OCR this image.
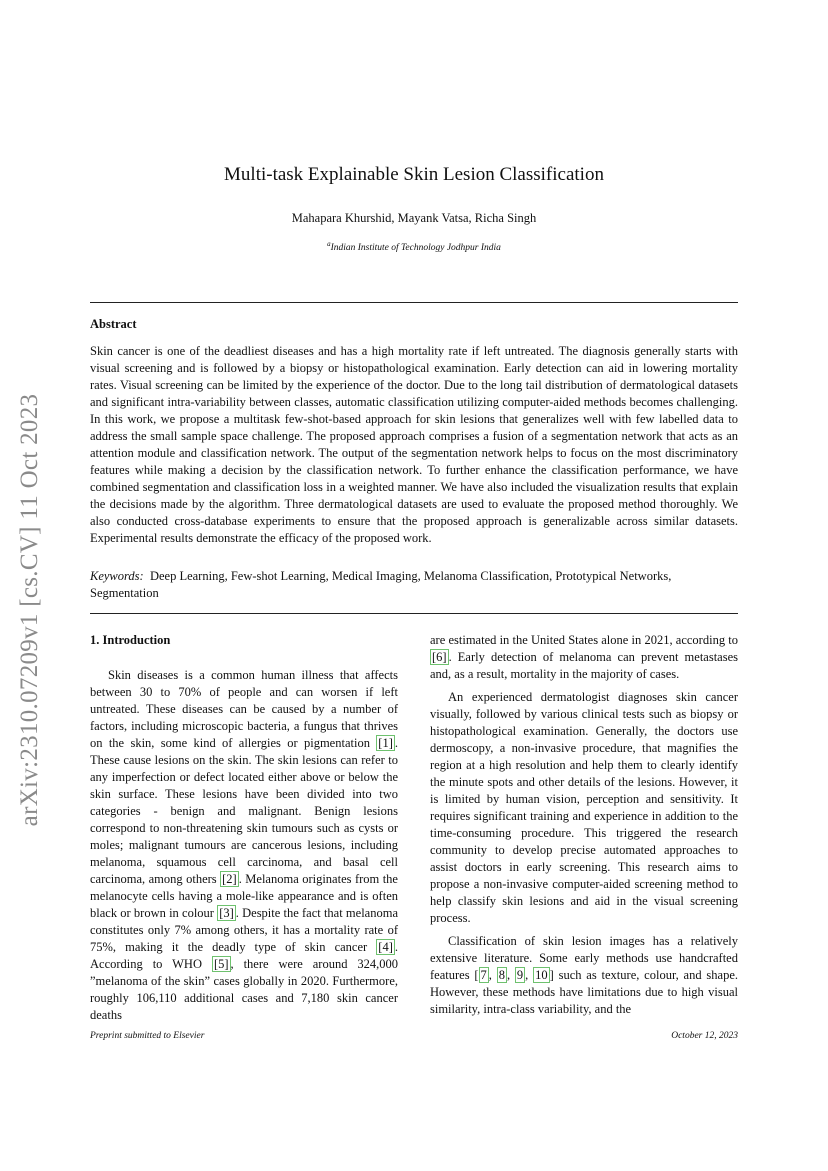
arXiv:2310.07209v1 [cs.CV] 11 Oct 2023
Multi-task Explainable Skin Lesion Classification
Mahapara Khurshid, Mayank Vatsa, Richa Singh
$^a$Indian Institute of Technology Jodhpur India
Abstract
Skin cancer is one of the deadliest diseases and has a high mortality rate if left untreated. The diagnosis generally starts with visual screening and is followed by a biopsy or histopathological examination. Early detection can aid in lowering mortality rates. Visual screening can be limited by the experience of the doctor. Due to the long tail distribution of dermatological datasets and significant intra-variability between classes, automatic classification utilizing computer-aided methods becomes challenging. In this work, we propose a multitask few-shot-based approach for skin lesions that generalizes well with few labelled data to address the small sample space challenge. The proposed approach comprises a fusion of a segmentation network that acts as an attention module and classification network. The output of the segmentation network helps to focus on the most discriminatory features while making a decision by the classification network. To further enhance the classification performance, we have combined segmentation and classification loss in a weighted manner. We have also included the visualization results that explain the decisions made by the algorithm. Three dermatological datasets are used to evaluate the proposed method thoroughly. We also conducted cross-database experiments to ensure that the proposed approach is generalizable across similar datasets. Experimental results demonstrate the efficacy of the proposed work.
Keywords: Deep Learning, Few-shot Learning, Medical Imaging, Melanoma Classification, Prototypical Networks, Segmentation

1. Introduction

Skin diseases is a common human illness that affects between 30 to 70% of people and can worsen if left untreated. These diseases can be caused by a number of factors, including microscopic bacteria, a fungus that thrives on the skin, some kind of allergies or pigmentation [1] . These cause lesions on the skin. The skin lesions can refer to any imperfection or defect located either above or below the skin surface. These lesions have been divided into two categories - benign and malignant. Benign lesions correspond to non-threatening skin tumours such as cysts or moles; malignant tumours are cancerous lesions, including melanoma, squamous cell carcinoma, and basal cell carcinoma, among others [2] . Melanoma originates from the melanocyte cells having a mole-like appearance and is often black or brown in colour [3] . Despite the fact that melanoma constitutes only 7% among others, it has a mortality rate of 75%, making it the deadly type of skin cancer [4] . According to WHO [5] , there were around 324,000 ”melanoma of the skin” cases globally in 2020. Furthermore, roughly 106,110 additional cases and 7,180 skin cancer deaths

are estimated in the United States alone in 2021, according to [6] . Early detection of melanoma can prevent metastases and, as a result, mortality in the majority of cases.

An experienced dermatologist diagnoses skin cancer visually, followed by various clinical tests such as biopsy or histopathological examination. Generally, the doctors use dermoscopy, a non-invasive procedure, that magnifies the region at a high resolution and help them to clearly identify the minute spots and other details of the lesions. However, it is limited by human vision, perception and sensitivity. It requires significant training and experience in addition to the time-consuming procedure. This triggered the research community to develop precise automated approaches to assist doctors in early screening. This research aims to propose a non-invasive computer-aided screening method to help classify skin lesions and aid in the visual screening process.

Classification of skin lesion images has a relatively extensive literature. Some early methods use handcrafted features [ 7 , 8 , 9 , 10 ] such as texture, colour, and shape. However, these methods have limitations due to high visual similarity, intra-class variability, and the

Preprint submitted to Elsevier	October 12, 2023
